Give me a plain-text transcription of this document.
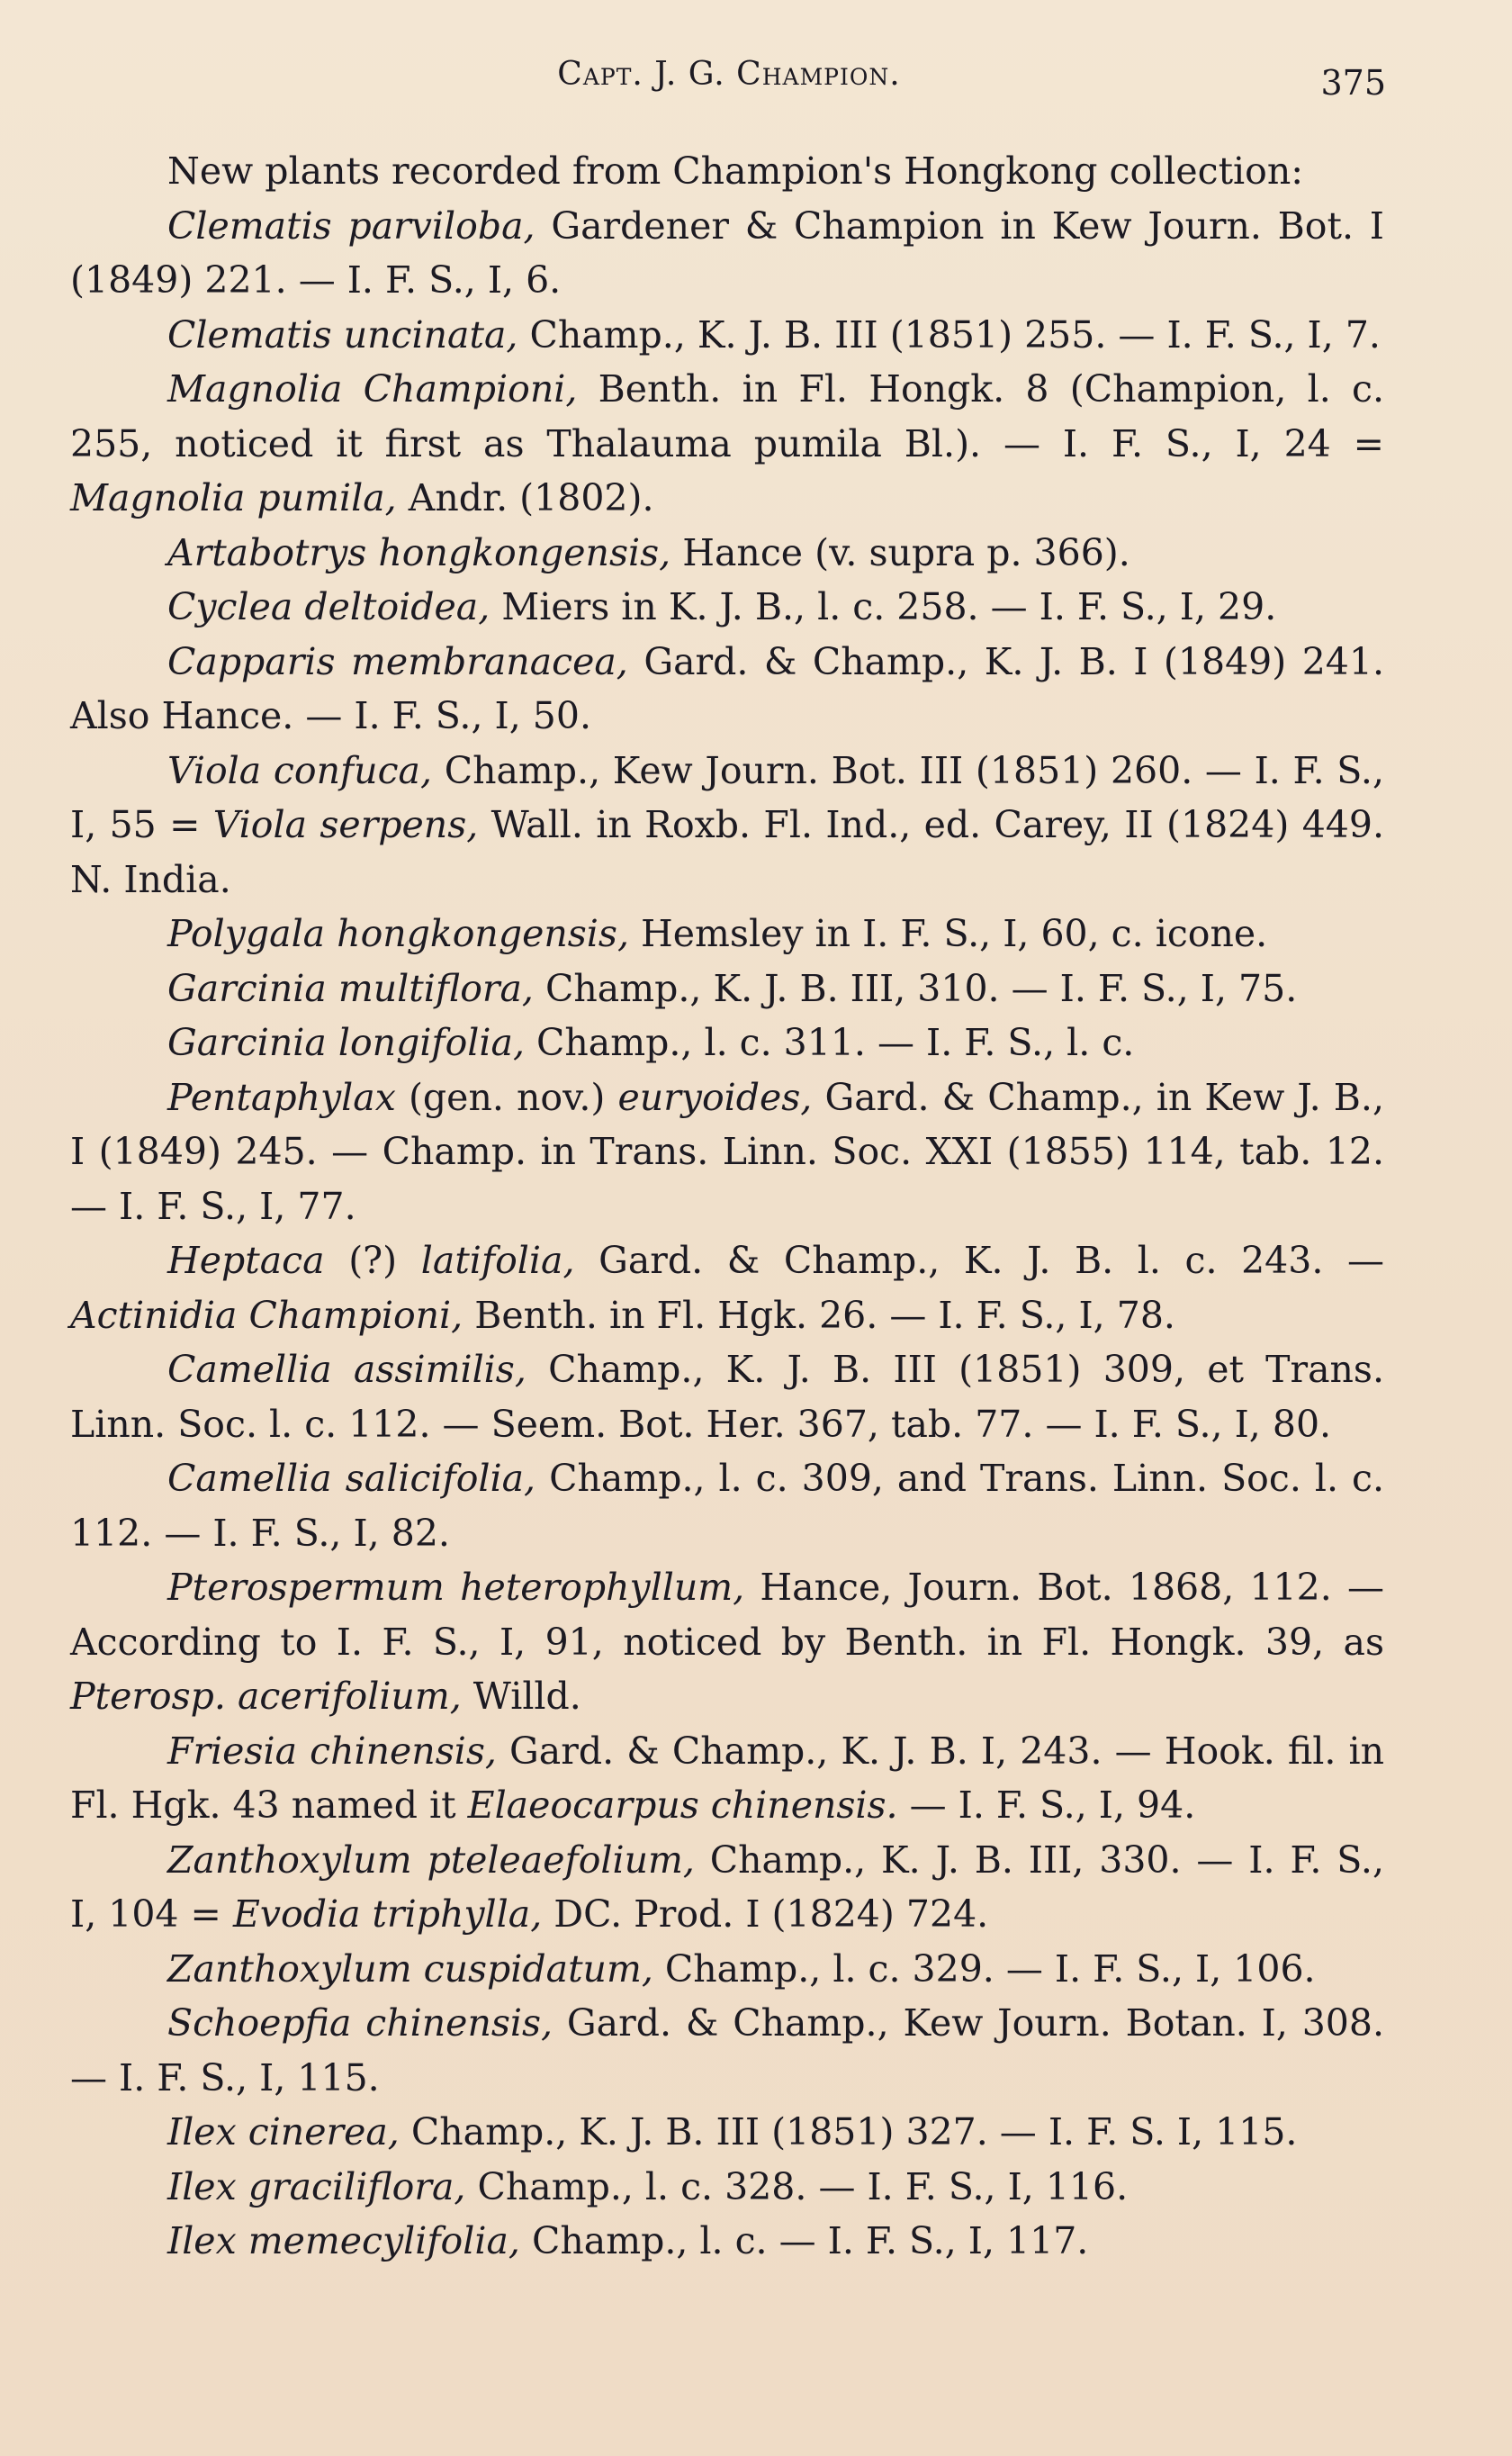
Capt. J. G. Champion.	375

New plants recorded from Champion's Hongkong collection:

Clematis parviloba, Gardener & Champion in Kew Journ. Bot. I (1849) 221. — I. F. S., I, 6.

Clematis uncinata, Champ., K. J. B. III (1851) 255. — I. F. S., I, 7.

Magnolia Championi, Benth. in Fl. Hongk. 8 (Champion, l. c. 255, noticed it first as Thalauma pumila Bl.). — I. F. S., I, 24 = Magnolia pumila, Andr. (1802).

Artabotrys hongkongensis, Hance (v. supra p. 366).

Cyclea deltoidea, Miers in K. J. B., l. c. 258. — I. F. S., I, 29.

Capparis membranacea, Gard. & Champ., K. J. B. I (1849) 241. Also Hance. — I. F. S., I, 50.

Viola confuca, Champ., Kew Journ. Bot. III (1851) 260. — I. F. S., I, 55 = Viola serpens, Wall. in Roxb. Fl. Ind., ed. Carey, II (1824) 449. N. India.

Polygala hongkongensis, Hemsley in I. F. S., I, 60, c. icone.

Garcinia multiflora, Champ., K. J. B. III, 310. — I. F. S., I, 75.

Garcinia longifolia, Champ., l. c. 311. — I. F. S., l. c.

Pentaphylax (gen. nov.) euryoides, Gard. & Champ., in Kew J. B., I (1849) 245. — Champ. in Trans. Linn. Soc. XXI (1855) 114, tab. 12. — I. F. S., I, 77.

Heptaca (?) latifolia, Gard. & Champ., K. J. B. l. c. 243. — Actinidia Championi, Benth. in Fl. Hgk. 26. — I. F. S., I, 78.

Camellia assimilis, Champ., K. J. B. III (1851) 309, et Trans. Linn. Soc. l. c. 112. — Seem. Bot. Her. 367, tab. 77. — I. F. S., I, 80.

Camellia salicifolia, Champ., l. c. 309, and Trans. Linn. Soc. l. c. 112. — I. F. S., I, 82.

Pterospermum heterophyllum, Hance, Journ. Bot. 1868, 112. — According to I. F. S., I, 91, noticed by Benth. in Fl. Hongk. 39, as Pterosp. acerifolium, Willd.

Friesia chinensis, Gard. & Champ., K. J. B. I, 243. — Hook. fil. in Fl. Hgk. 43 named it Elaeocarpus chinensis. — I. F. S., I, 94.

Zanthoxylum pteleaefolium, Champ., K. J. B. III, 330. — I. F. S., I, 104 = Evodia triphylla, DC. Prod. I (1824) 724.

Zanthoxylum cuspidatum, Champ., l. c. 329. — I. F. S., I, 106.

Schoepfia chinensis, Gard. & Champ., Kew Journ. Botan. I, 308. — I. F. S., I, 115.

Ilex cinerea, Champ., K. J. B. III (1851) 327. — I. F. S. I, 115.

Ilex graciliflora, Champ., l. c. 328. — I. F. S., I, 116.

Ilex memecylifolia, Champ., l. c. — I. F. S., I, 117.
